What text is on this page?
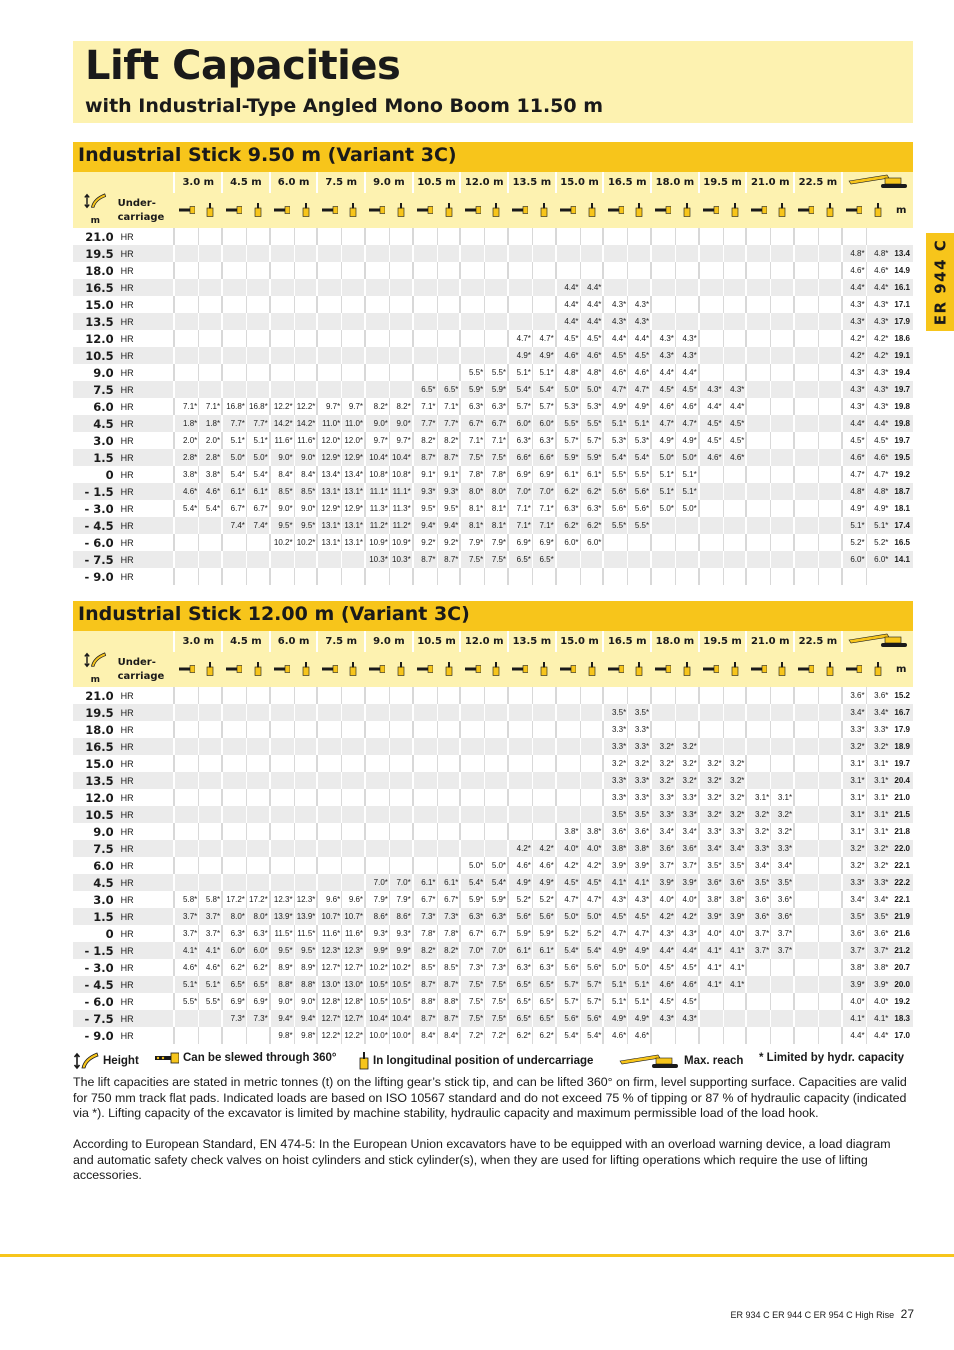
Lift Capacities
with Industrial-Type Angled Mono Boom 11.50 m
ER 944 C
Industrial Stick 9.50 m (Variant 3C)
		3.0 m		4.5 m		6.0 m		7.5 m		9.0 m		10.5 m		12.0 m		13.5 m		15.0 m		16.5 m		18.0 m		19.5 m		21.0 m		22.5 m	

m	Under-
carriage																															m
21.0	HR																															
19.5	HR																													4.8*	4.8*	13.4
18.0	HR																													4.6*	4.6*	14.9
16.5	HR																	4.4*	4.4*											4.4*	4.4*	16.1
15.0	HR																	4.4*	4.4*	4.3*	4.3*									4.3*	4.3*	17.1
13.5	HR																	4.4*	4.4*	4.3*	4.3*									4.3*	4.3*	17.9
12.0	HR															4.7*	4.7*	4.5*	4.5*	4.4*	4.4*	4.3*	4.3*							4.2*	4.2*	18.6
10.5	HR															4.9*	4.9*	4.6*	4.6*	4.5*	4.5*	4.3*	4.3*							4.2*	4.2*	19.1
9.0	HR													5.5*	5.5*	5.1*	5.1*	4.8*	4.8*	4.6*	4.6*	4.4*	4.4*							4.3*	4.3*	19.4
7.5	HR											6.5*	6.5*	5.9*	5.9*	5.4*	5.4*	5.0*	5.0*	4.7*	4.7*	4.5*	4.5*	4.3*	4.3*					4.3*	4.3*	19.7
6.0	HR	7.1*	7.1*	16.8*	16.8*	12.2*	12.2*	9.7*	9.7*	8.2*	8.2*	7.1*	7.1*	6.3*	6.3*	5.7*	5.7*	5.3*	5.3*	4.9*	4.9*	4.6*	4.6*	4.4*	4.4*					4.3*	4.3*	19.8
4.5	HR	1.8*	1.8*	7.7*	7.7*	14.2*	14.2*	11.0*	11.0*	9.0*	9.0*	7.7*	7.7*	6.7*	6.7*	6.0*	6.0*	5.5*	5.5*	5.1*	5.1*	4.7*	4.7*	4.5*	4.5*					4.4*	4.4*	19.8
3.0	HR	2.0*	2.0*	5.1*	5.1*	11.6*	11.6*	12.0*	12.0*	9.7*	9.7*	8.2*	8.2*	7.1*	7.1*	6.3*	6.3*	5.7*	5.7*	5.3*	5.3*	4.9*	4.9*	4.5*	4.5*					4.5*	4.5*	19.7
1.5	HR	2.8*	2.8*	5.0*	5.0*	9.0*	9.0*	12.9*	12.9*	10.4*	10.4*	8.7*	8.7*	7.5*	7.5*	6.6*	6.6*	5.9*	5.9*	5.4*	5.4*	5.0*	5.0*	4.6*	4.6*					4.6*	4.6*	19.5
0	HR	3.8*	3.8*	5.4*	5.4*	8.4*	8.4*	13.4*	13.4*	10.8*	10.8*	9.1*	9.1*	7.8*	7.8*	6.9*	6.9*	6.1*	6.1*	5.5*	5.5*	5.1*	5.1*							4.7*	4.7*	19.2
- 1.5	HR	4.6*	4.6*	6.1*	6.1*	8.5*	8.5*	13.1*	13.1*	11.1*	11.1*	9.3*	9.3*	8.0*	8.0*	7.0*	7.0*	6.2*	6.2*	5.6*	5.6*	5.1*	5.1*							4.8*	4.8*	18.7
- 3.0	HR	5.4*	5.4*	6.7*	6.7*	9.0*	9.0*	12.9*	12.9*	11.3*	11.3*	9.5*	9.5*	8.1*	8.1*	7.1*	7.1*	6.3*	6.3*	5.6*	5.6*	5.0*	5.0*							4.9*	4.9*	18.1
- 4.5	HR			7.4*	7.4*	9.5*	9.5*	13.1*	13.1*	11.2*	11.2*	9.4*	9.4*	8.1*	8.1*	7.1*	7.1*	6.2*	6.2*	5.5*	5.5*									5.1*	5.1*	17.4
- 6.0	HR					10.2*	10.2*	13.1*	13.1*	10.9*	10.9*	9.2*	9.2*	7.9*	7.9*	6.9*	6.9*	6.0*	6.0*											5.2*	5.2*	16.5
- 7.5	HR									10.3*	10.3*	8.7*	8.7*	7.5*	7.5*	6.5*	6.5*													6.0*	6.0*	14.1
- 9.0	HR																															
Industrial Stick 12.00 m (Variant 3C)
		3.0 m		4.5 m		6.0 m		7.5 m		9.0 m		10.5 m		12.0 m		13.5 m		15.0 m		16.5 m		18.0 m		19.5 m		21.0 m		22.5 m	

m	Under-
carriage																															m
21.0	HR																													3.6*	3.6*	15.2
19.5	HR																			3.5*	3.5*									3.4*	3.4*	16.7
18.0	HR																			3.3*	3.3*									3.3*	3.3*	17.9
16.5	HR																			3.3*	3.3*	3.2*	3.2*							3.2*	3.2*	18.9
15.0	HR																			3.2*	3.2*	3.2*	3.2*	3.2*	3.2*					3.1*	3.1*	19.7
13.5	HR																			3.3*	3.3*	3.2*	3.2*	3.2*	3.2*					3.1*	3.1*	20.4
12.0	HR																			3.3*	3.3*	3.3*	3.3*	3.2*	3.2*	3.1*	3.1*			3.1*	3.1*	21.0
10.5	HR																			3.5*	3.5*	3.3*	3.3*	3.2*	3.2*	3.2*	3.2*			3.1*	3.1*	21.5
9.0	HR																	3.8*	3.8*	3.6*	3.6*	3.4*	3.4*	3.3*	3.3*	3.2*	3.2*			3.1*	3.1*	21.8
7.5	HR															4.2*	4.2*	4.0*	4.0*	3.8*	3.8*	3.6*	3.6*	3.4*	3.4*	3.3*	3.3*			3.2*	3.2*	22.0
6.0	HR													5.0*	5.0*	4.6*	4.6*	4.2*	4.2*	3.9*	3.9*	3.7*	3.7*	3.5*	3.5*	3.4*	3.4*			3.2*	3.2*	22.1
4.5	HR									7.0*	7.0*	6.1*	6.1*	5.4*	5.4*	4.9*	4.9*	4.5*	4.5*	4.1*	4.1*	3.9*	3.9*	3.6*	3.6*	3.5*	3.5*			3.3*	3.3*	22.2
3.0	HR	5.8*	5.8*	17.2*	17.2*	12.3*	12.3*	9.6*	9.6*	7.9*	7.9*	6.7*	6.7*	5.9*	5.9*	5.2*	5.2*	4.7*	4.7*	4.3*	4.3*	4.0*	4.0*	3.8*	3.8*	3.6*	3.6*			3.4*	3.4*	22.1
1.5	HR	3.7*	3.7*	8.0*	8.0*	13.9*	13.9*	10.7*	10.7*	8.6*	8.6*	7.3*	7.3*	6.3*	6.3*	5.6*	5.6*	5.0*	5.0*	4.5*	4.5*	4.2*	4.2*	3.9*	3.9*	3.6*	3.6*			3.5*	3.5*	21.9
0	HR	3.7*	3.7*	6.3*	6.3*	11.5*	11.5*	11.6*	11.6*	9.3*	9.3*	7.8*	7.8*	6.7*	6.7*	5.9*	5.9*	5.2*	5.2*	4.7*	4.7*	4.3*	4.3*	4.0*	4.0*	3.7*	3.7*			3.6*	3.6*	21.6
- 1.5	HR	4.1*	4.1*	6.0*	6.0*	9.5*	9.5*	12.3*	12.3*	9.9*	9.9*	8.2*	8.2*	7.0*	7.0*	6.1*	6.1*	5.4*	5.4*	4.9*	4.9*	4.4*	4.4*	4.1*	4.1*	3.7*	3.7*			3.7*	3.7*	21.2
- 3.0	HR	4.6*	4.6*	6.2*	6.2*	8.9*	8.9*	12.7*	12.7*	10.2*	10.2*	8.5*	8.5*	7.3*	7.3*	6.3*	6.3*	5.6*	5.6*	5.0*	5.0*	4.5*	4.5*	4.1*	4.1*					3.8*	3.8*	20.7
- 4.5	HR	5.1*	5.1*	6.5*	6.5*	8.8*	8.8*	13.0*	13.0*	10.5*	10.5*	8.7*	8.7*	7.5*	7.5*	6.5*	6.5*	5.7*	5.7*	5.1*	5.1*	4.6*	4.6*	4.1*	4.1*					3.9*	3.9*	20.0
- 6.0	HR	5.5*	5.5*	6.9*	6.9*	9.0*	9.0*	12.8*	12.8*	10.5*	10.5*	8.8*	8.8*	7.5*	7.5*	6.5*	6.5*	5.7*	5.7*	5.1*	5.1*	4.5*	4.5*							4.0*	4.0*	19.2
- 7.5	HR			7.3*	7.3*	9.4*	9.4*	12.7*	12.7*	10.4*	10.4*	8.7*	8.7*	7.5*	7.5*	6.5*	6.5*	5.6*	5.6*	4.9*	4.9*	4.3*	4.3*							4.1*	4.1*	18.3
- 9.0	HR					9.8*	9.8*	12.2*	12.2*	10.0*	10.0*	8.4*	8.4*	7.2*	7.2*	6.2*	6.2*	5.4*	5.4*	4.6*	4.6*									4.4*	4.4*	17.0
Height	Can be slewed through 360°	In longitudinal position of undercarriage	Max. reach * Limited by hydr. capacity

The lift capacities are stated in metric tonnes (t) on the lifting gear’s stick tip, and can be lifted 360° on firm, level supporting surface. Capacities are valid for 750 mm track flat pads. Indicated loads are based on ISO 10567 standard and do not exceed 75 % of tipping or 87 % of hydraulic capacity (indicated via *). Lifting capacity of the excavator is limited by machine stability, hydraulic capacity and maximum permissible load of the load hook.

According to European Standard, EN 474-5: In the European Union excavators have to be equipped with an overload warning device, a load diagram and automatic safety check valves on hoist cylinders and stick cylinder(s), when they are used for lifting operations which require the use of lifting accessories.

ER 934 C ER 944 C ER 954 C High Rise 27
